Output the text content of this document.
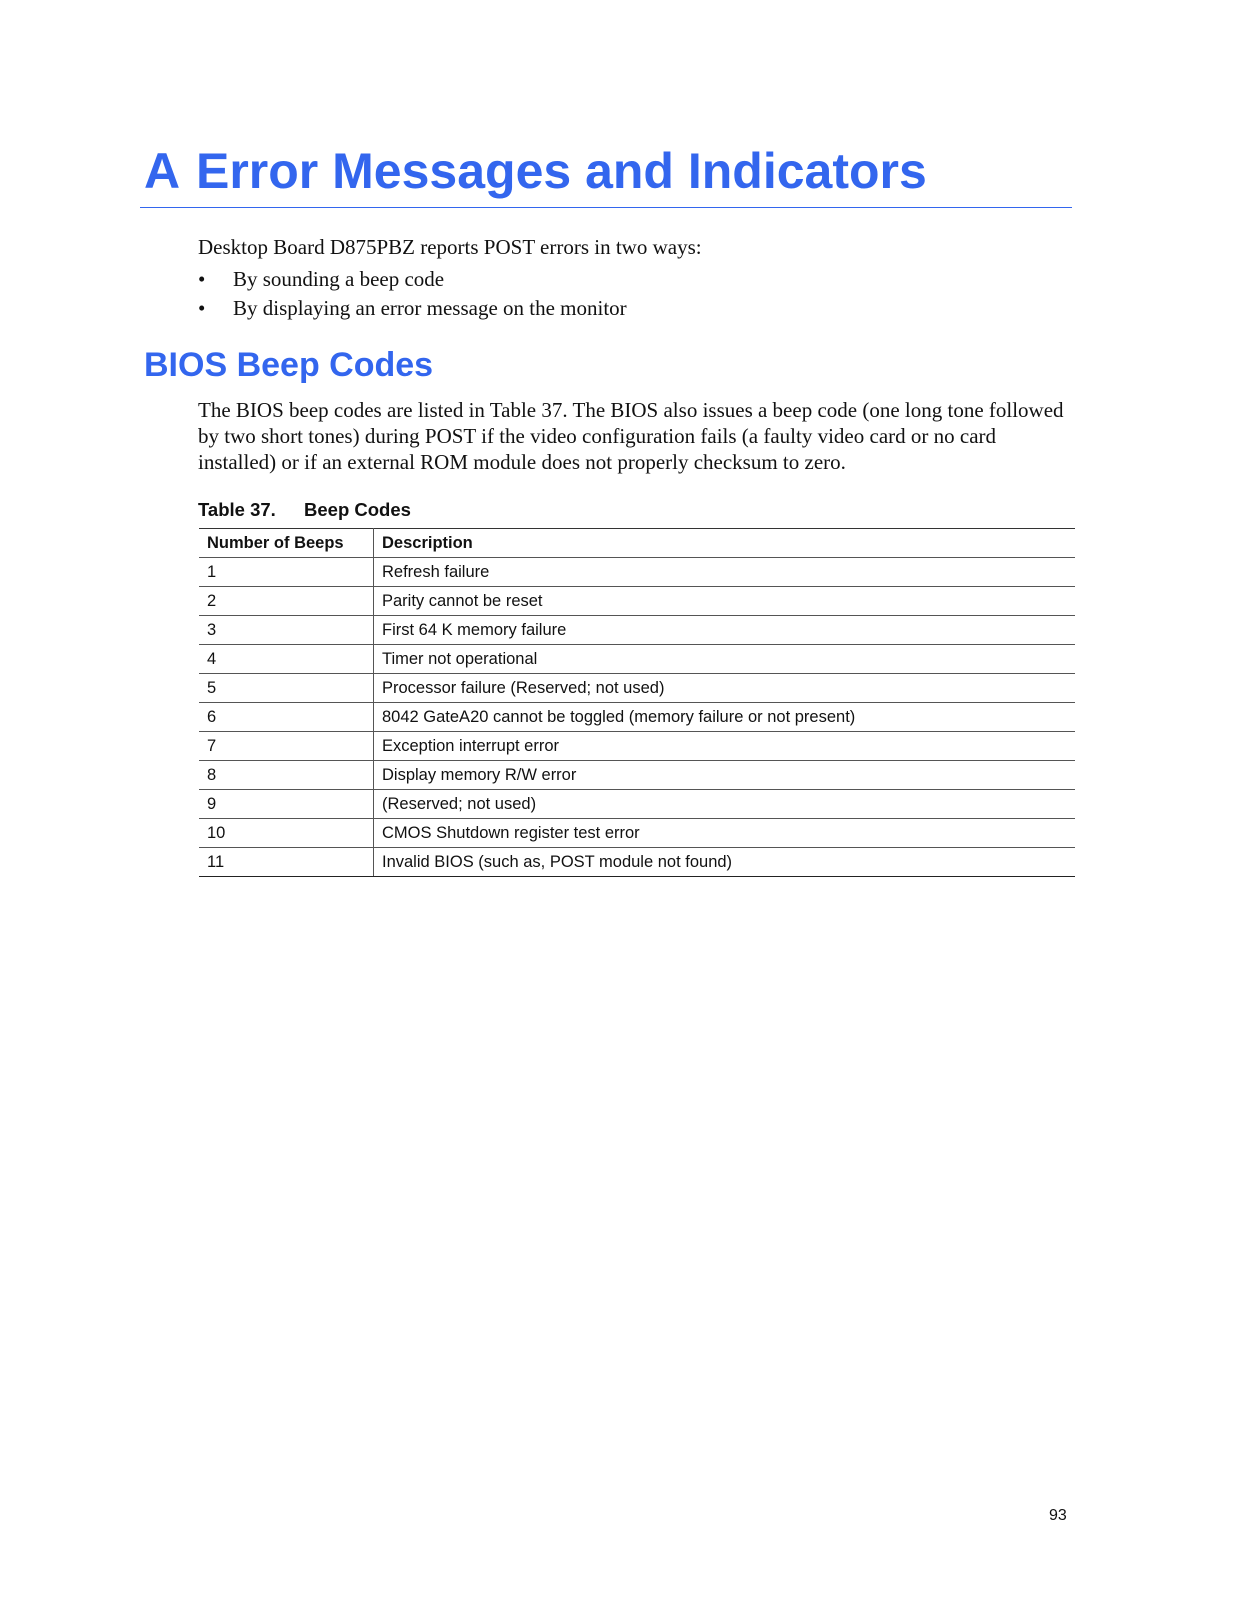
A Error Messages and Indicators

Desktop Board D875PBZ reports POST errors in two ways:

• By sounding a beep code
• By displaying an error message on the monitor
BIOS Beep Codes

The BIOS beep codes are listed in Table 37. The BIOS also issues a beep code (one long tone followed by two short tones) during POST if the video configuration fails (a faulty video card or no card installed) or if an external ROM module does not properly checksum to zero.

Table 37. Beep Codes

Number of Beeps	Description
1	Refresh failure
2	Parity cannot be reset
3	First 64 K memory failure
4	Timer not operational
5	Processor failure (Reserved; not used)
6	8042 GateA20 cannot be toggled (memory failure or not present)
7	Exception interrupt error
8	Display memory R/W error
9	(Reserved; not used)
10	CMOS Shutdown register test error
11	Invalid BIOS (such as, POST module not found)

93
